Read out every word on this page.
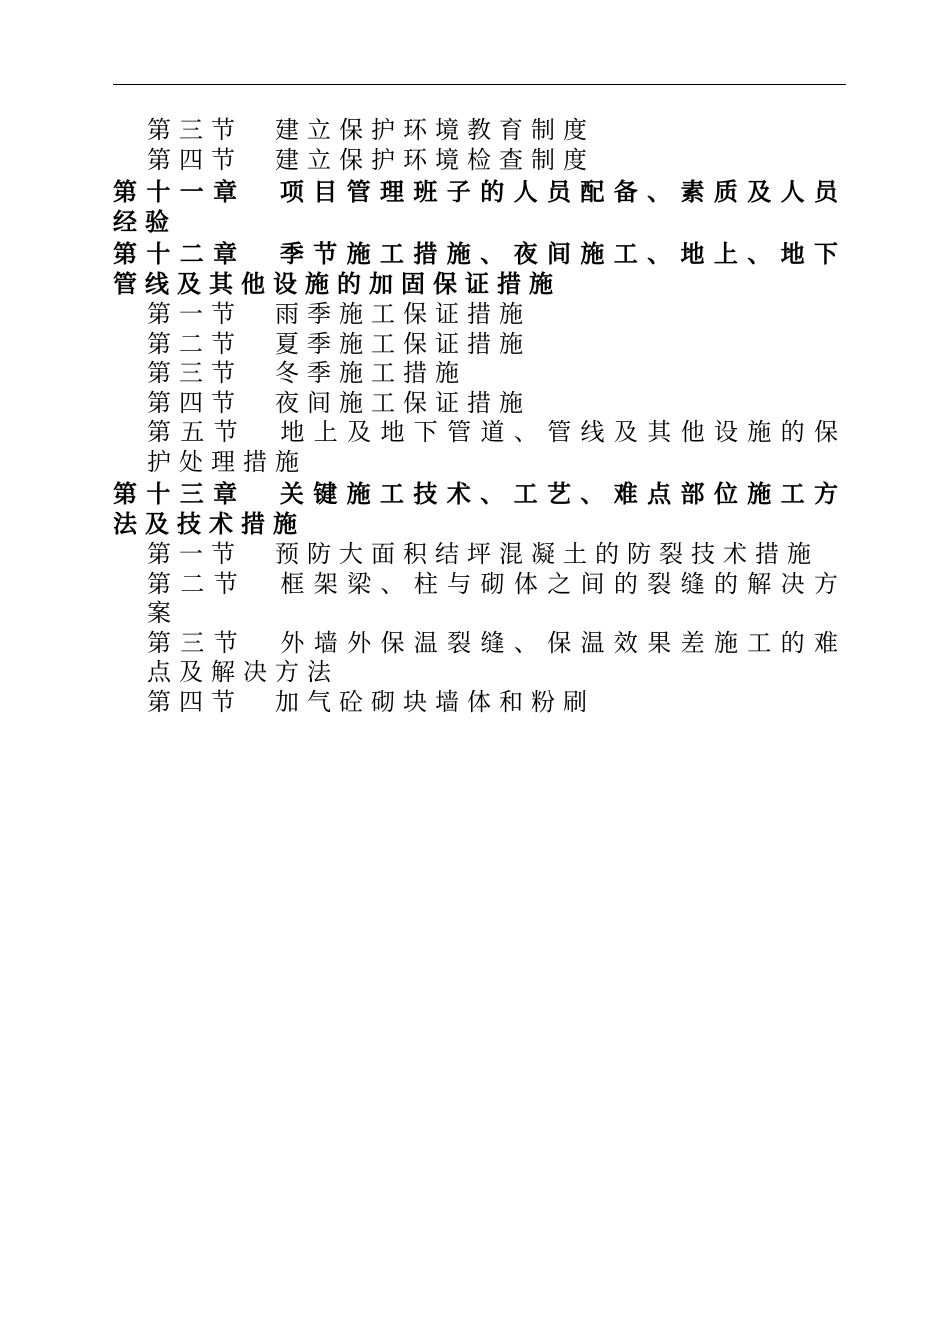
第三节　建立保护环境教育制度
第四节　建立保护环境检查制度
第十一章　项目管理班子的人员配备、素质及人员经验
第十二章　季节施工措施、夜间施工、地上、地下管线及其他设施的加固保证措施
第一节　雨季施工保证措施
第二节　夏季施工保证措施
第三节　冬季施工措施
第四节　夜间施工保证措施
第五节　地上及地下管道、管线及其他设施的保护处理措施
第十三章　关键施工技术、工艺、难点部位施工方法及技术措施
第一节　预防大面积结坪混凝土的防裂技术措施
第二节　框架梁、柱与砌体之间的裂缝的解决方案
第三节　外墙外保温裂缝、保温效果差施工的难点及解决方法
第四节　加气砼砌块墙体和粉刷
